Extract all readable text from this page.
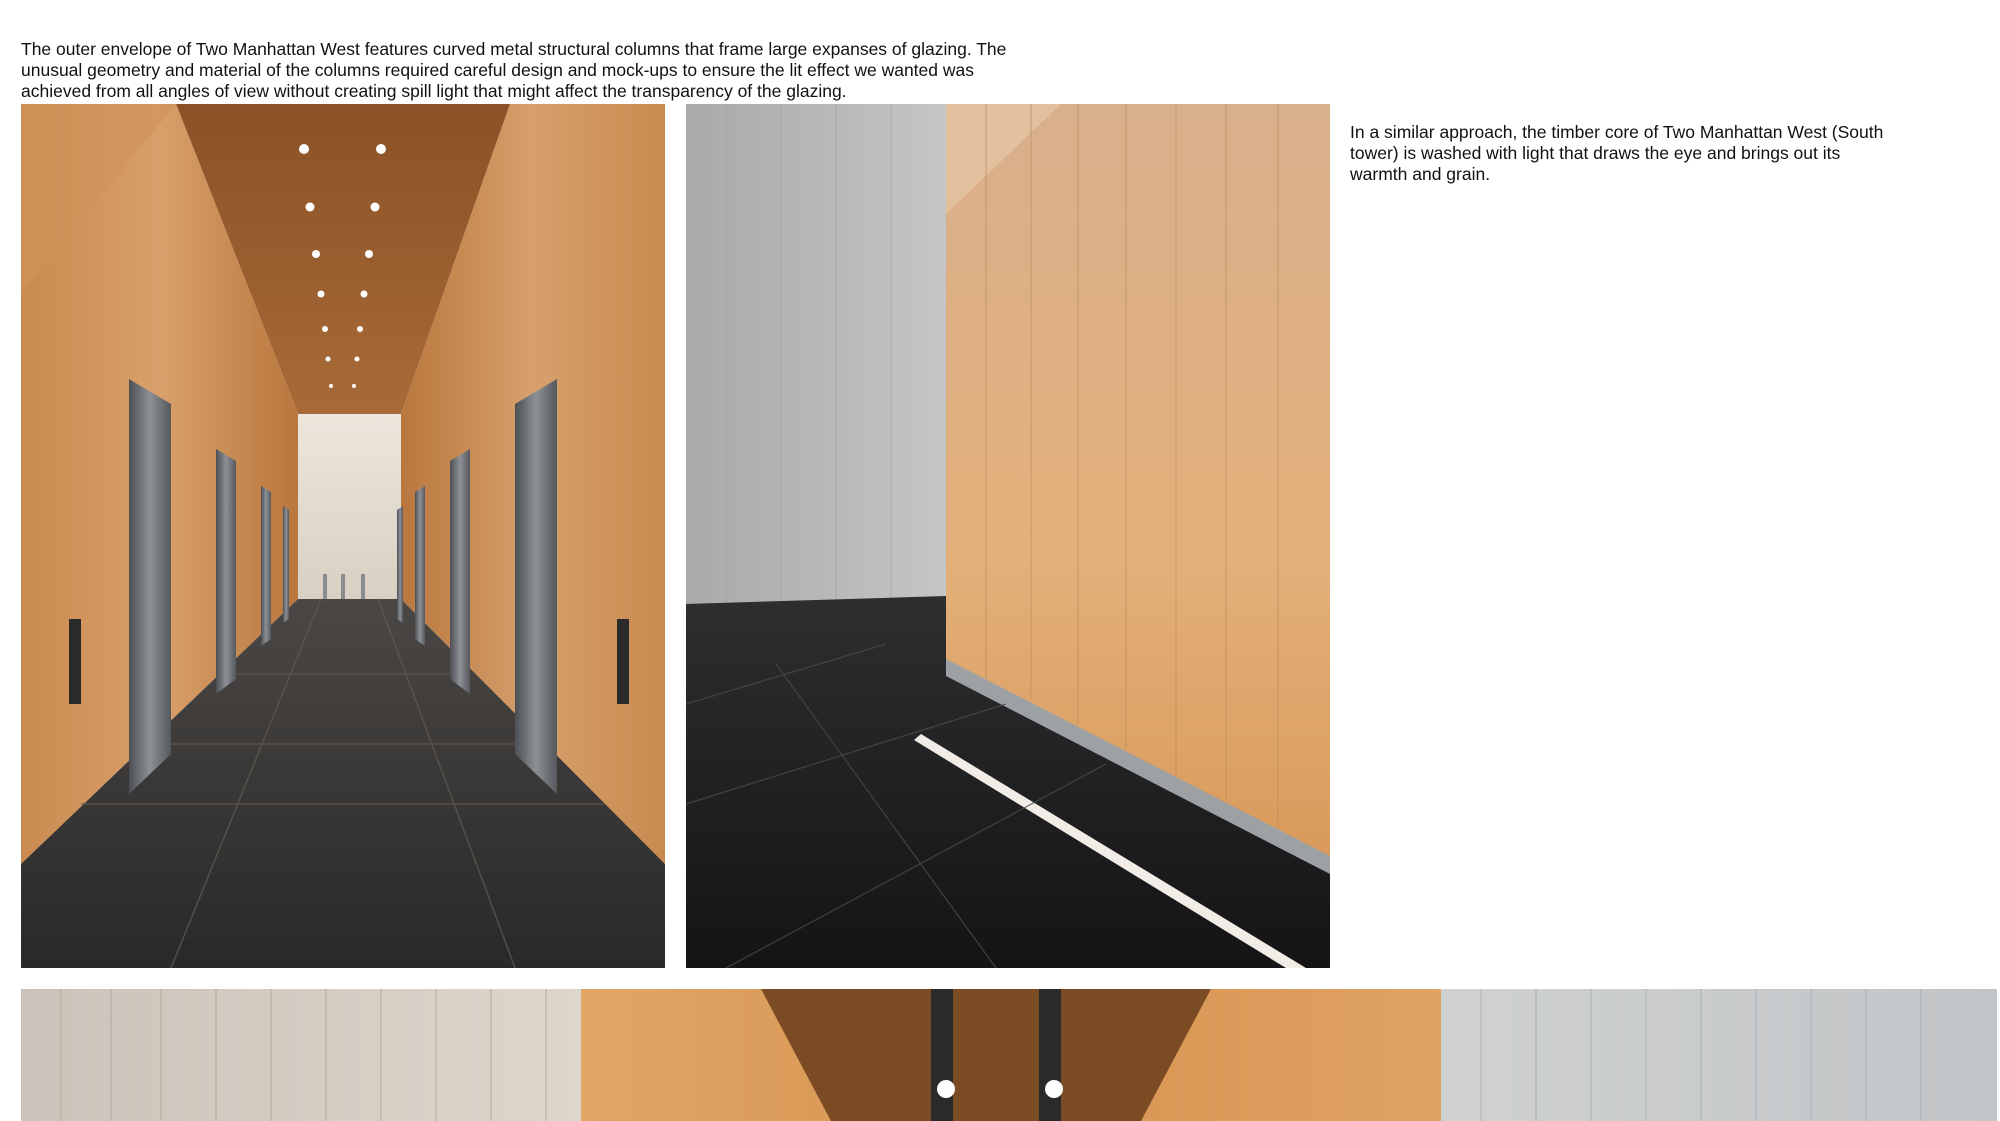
The outer envelope of Two Manhattan West features curved metal structural columns that frame large expanses of glazing. The unusual geometry and material of the columns required careful design and mock-ups to ensure the lit effect we wanted was achieved from all angles of view without creating spill light that might affect the transparency of the glazing.

In a similar approach, the timber core of Two Manhattan West (South tower) is washed with light that draws the eye and brings out its warmth and grain.
